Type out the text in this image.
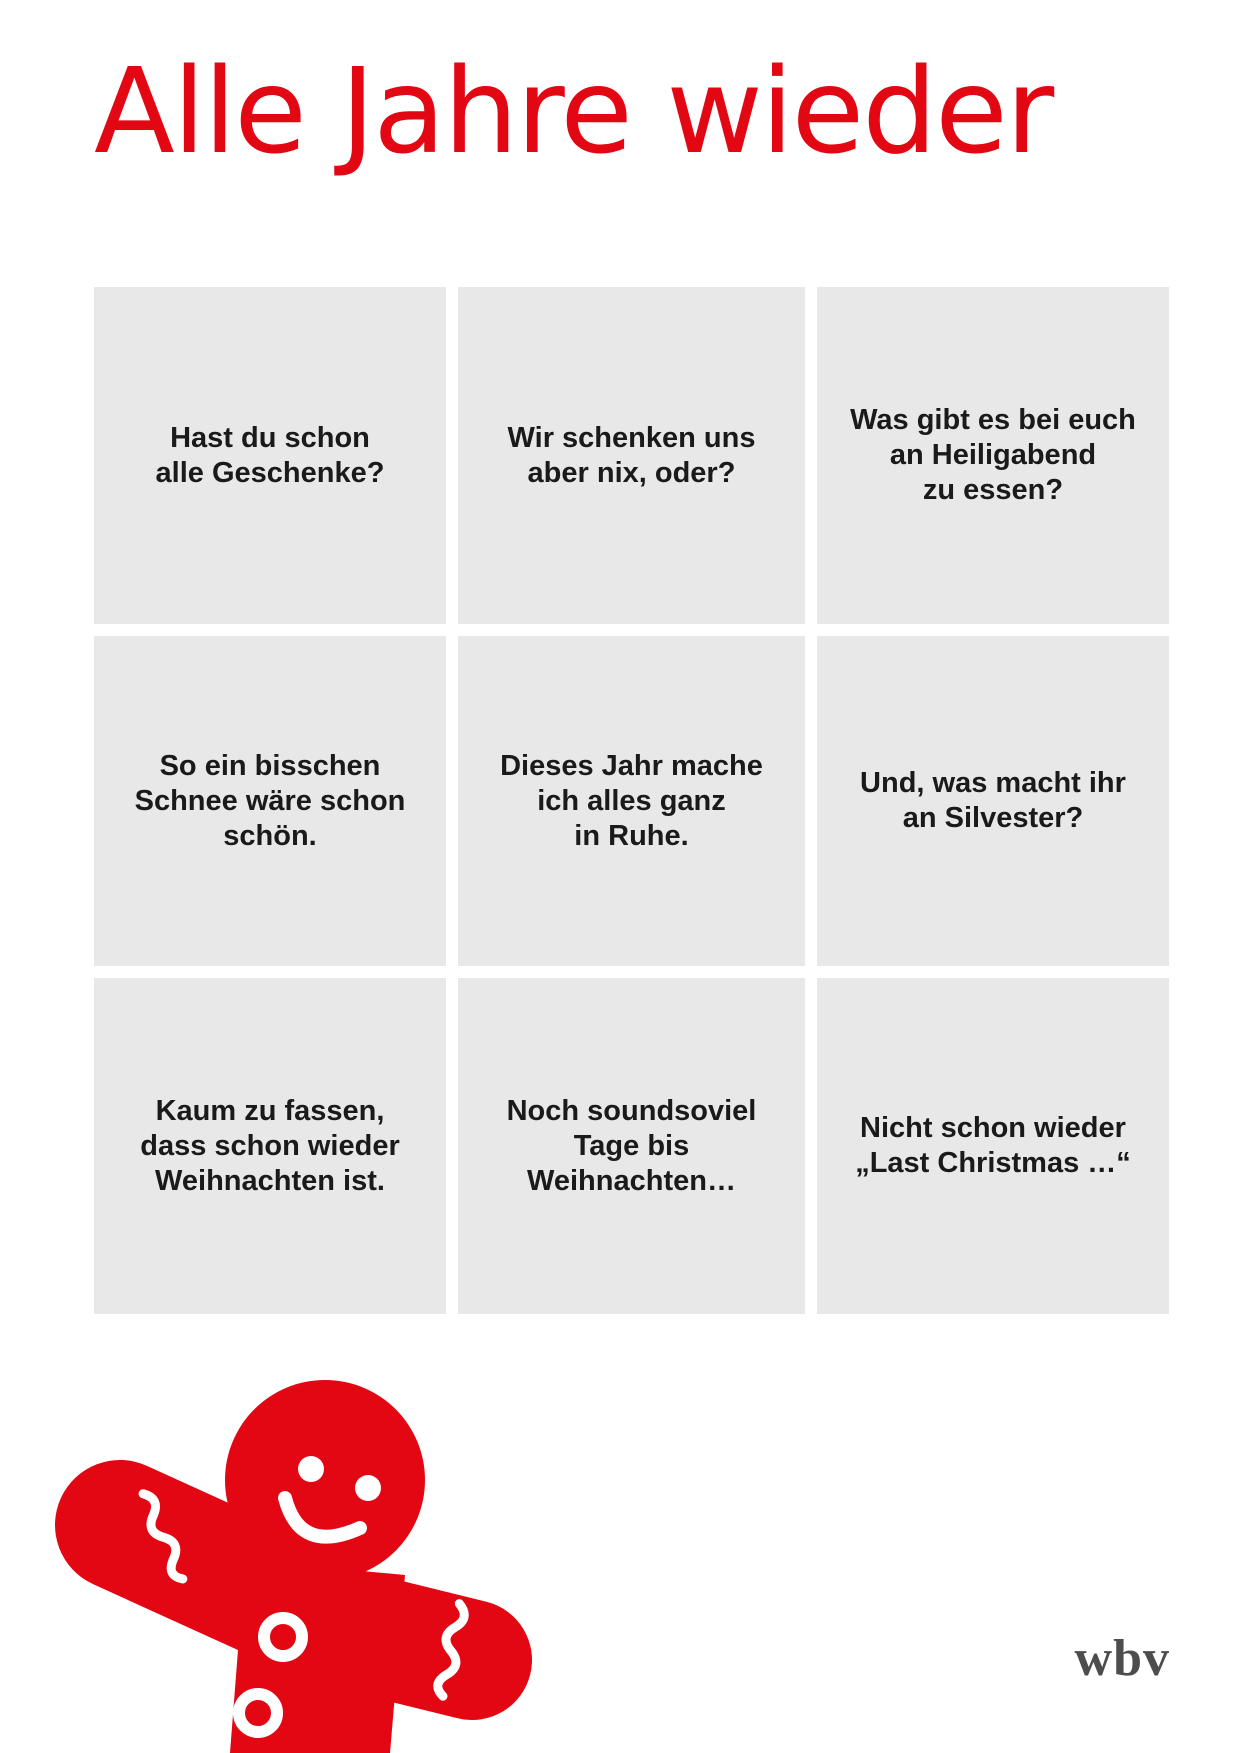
Alle Jahre wieder
Hast du schon
alle Geschenke?
Wir schenken uns
aber nix, oder?
Was gibt es bei euch
an Heiligabend
zu essen?
So ein bisschen
Schnee wäre schon
schön.
Dieses Jahr mache
ich alles ganz
in Ruhe.
Und, was macht ihr
an Silvester?
Kaum zu fassen,
dass schon wieder
Weihnachten ist.
Noch soundsoviel
Tage bis
Weihnachten…
Nicht schon wieder
„Last Christmas …“
wbv
